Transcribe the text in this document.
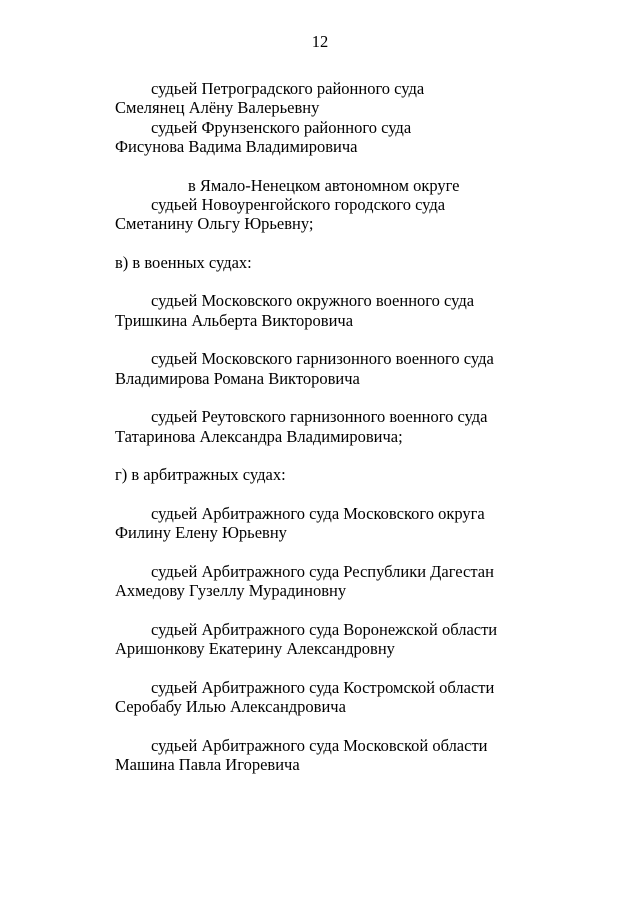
12
судьей Петроградского районного суда
Смелянец Алёну Валерьевну
судьей Фрунзенского районного суда
Фисунова Вадима Владимировича
в Ямало-Ненецком автономном округе
судьей Новоуренгойского городского суда
Сметанину Ольгу Юрьевну;
в) в военных судах:
судьей Московского окружного военного суда
Тришкина Альберта Викторовича
судьей Московского гарнизонного военного суда
Владимирова Романа Викторовича
судьей Реутовского гарнизонного военного суда
Татаринова Александра Владимировича;
г) в арбитражных судах:
судьей Арбитражного суда Московского округа
Филину Елену Юрьевну
судьей Арбитражного суда Республики Дагестан
Ахмедову Гузеллу Мурадиновну
судьей Арбитражного суда Воронежской области
Аришонкову Екатерину Александровну
судьей Арбитражного суда Костромской области
Серобабу Илью Александровича
судьей Арбитражного суда Московской области
Машина Павла Игоревича
